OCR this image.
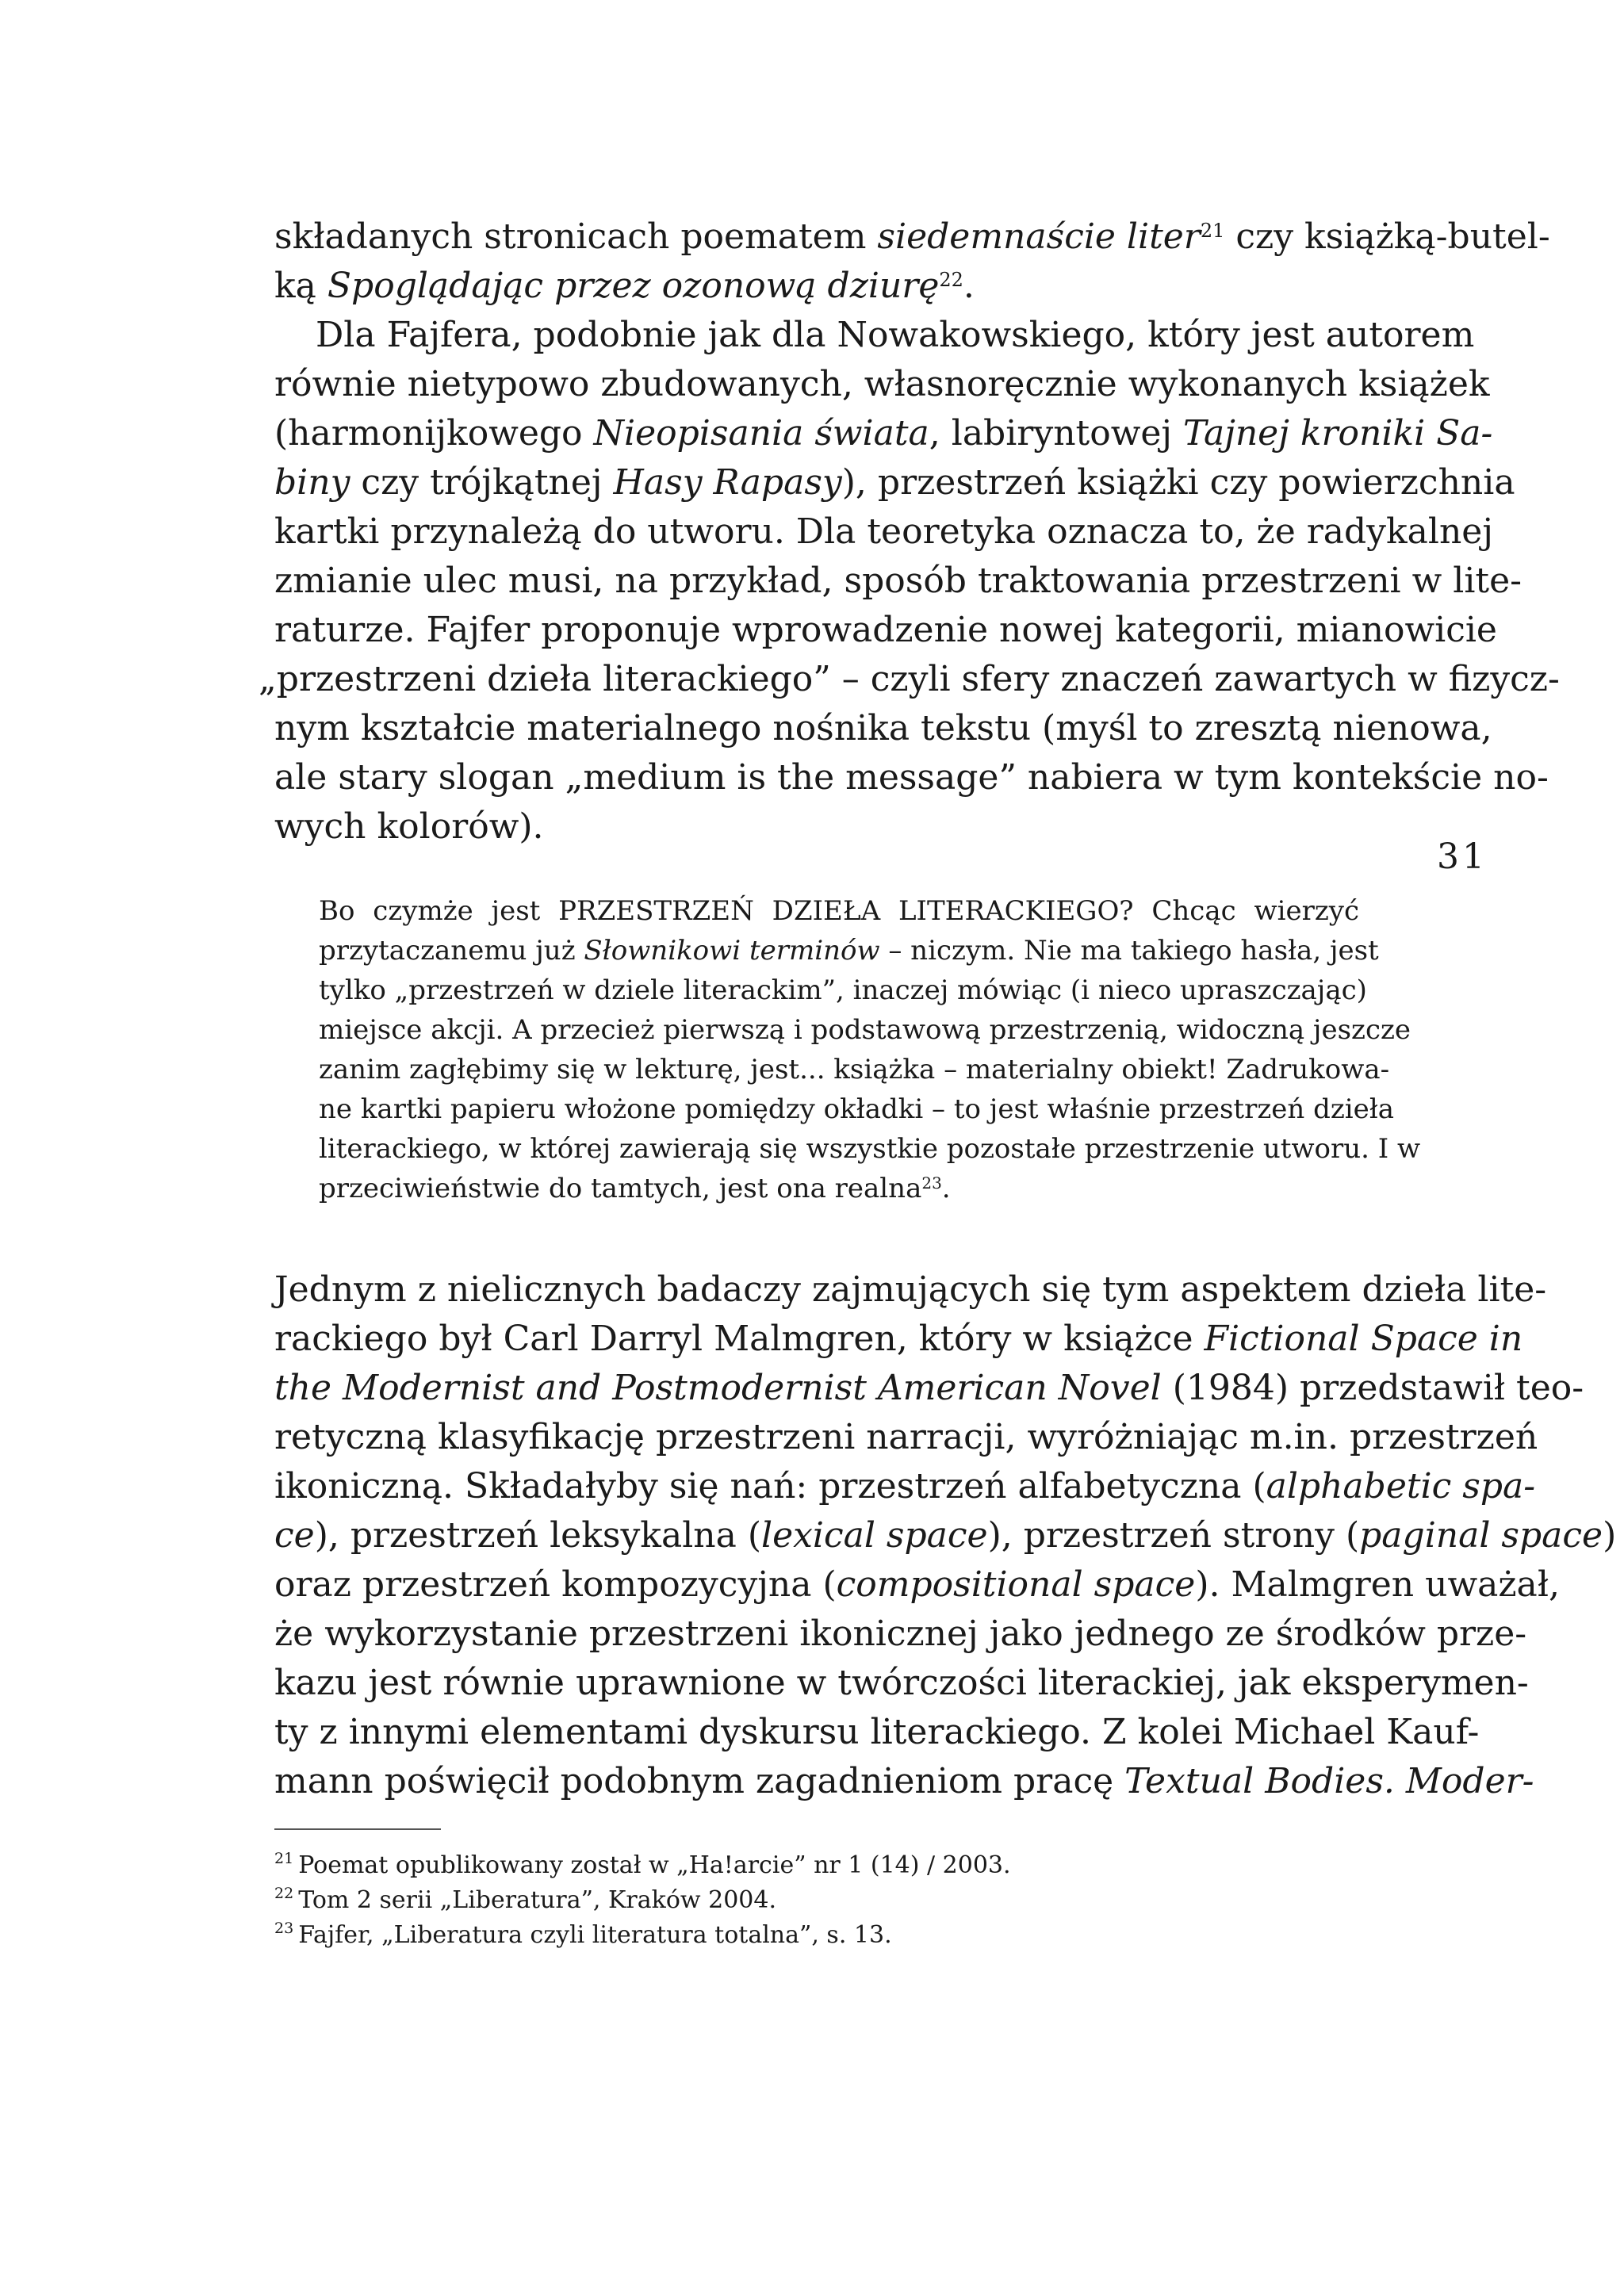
składanych stronicach poematem siedemnaście liter$^{21}$ czy książką-butel-

ką Spoglądając przez ozonową dziurę$^{22}$.

Dla Fajfera, podobnie jak dla Nowakowskiego, który jest autorem

równie nietypowo zbudowanych, własnoręcznie wykonanych książek

(harmonijkowego Nieopisania świata, labiryntowej Tajnej kroniki Sa-

biny czy trójkątnej Hasy Rapasy), przestrzeń książki czy powierzchnia

kartki przynależą do utworu. Dla teoretyka oznacza to, że radykalnej

zmianie ulec musi, na przykład, sposób traktowania przestrzeni w lite-

raturze. Fajfer proponuje wprowadzenie nowej kategorii, mianowicie

„przestrzeni dzieła literackiego” – czyli sfery znaczeń zawartych w fizycz-

nym kształcie materialnego nośnika tekstu (myśl to zresztą nienowa,

ale stary slogan „medium is the message” nabiera w tym kontekście no-

wych kolorów).

31

Bo czymże jest PRZESTRZEŃ DZIEŁA LITERACKIEGO? Chcąc wierzyć

przytaczanemu już Słownikowi terminów – niczym. Nie ma takiego hasła, jest

tylko „przestrzeń w dziele literackim”, inaczej mówiąc (i nieco upraszczając)

miejsce akcji. A przecież pierwszą i podstawową przestrzenią, widoczną jeszcze

zanim zagłębimy się w lekturę, jest... książka – materialny obiekt! Zadrukowa-

ne kartki papieru włożone pomiędzy okładki – to jest właśnie przestrzeń dzieła

literackiego, w której zawierają się wszystkie pozostałe przestrzenie utworu. I w

przeciwieństwie do tamtych, jest ona realna$^{23}$.

Jednym z nielicznych badaczy zajmujących się tym aspektem dzieła lite-

rackiego był Carl Darryl Malmgren, który w książce Fictional Space in

the Modernist and Postmodernist American Novel (1984) przedstawił teo-

retyczną klasyfikację przestrzeni narracji, wyróżniając m.in. przestrzeń

ikoniczną. Składałyby się nań: przestrzeń alfabetyczna (alphabetic spa-

ce), przestrzeń leksykalna (lexical space), przestrzeń strony (paginal space)

oraz przestrzeń kompozycyjna (compositional space). Malmgren uważał,

że wykorzystanie przestrzeni ikonicznej jako jednego ze środków prze-

kazu jest równie uprawnione w twórczości literackiej, jak eksperymen-

ty z innymi elementami dyskursu literackiego. Z kolei Michael Kauf-

mann poświęcił podobnym zagadnieniom pracę Textual Bodies. Moder-

$^{21}$ Poemat opublikowany został w „Ha!arcie” nr 1 (14) / 2003.

$^{22}$ Tom 2 serii „Liberatura”, Kraków 2004.

$^{23}$ Fajfer, „Liberatura czyli literatura totalna”, s. 13.
